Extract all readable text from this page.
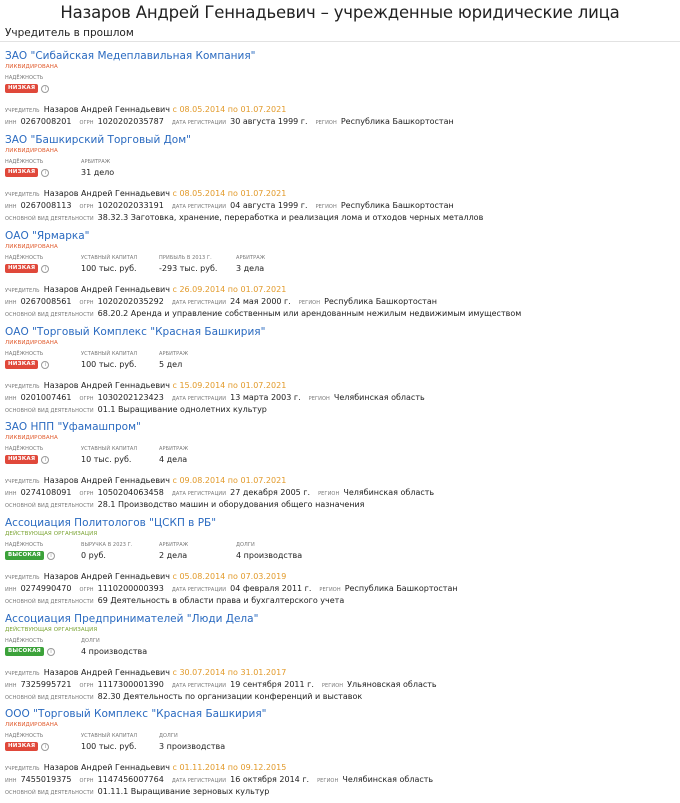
Назаров Андрей Геннадьевич – учрежденные юридические лица
Учредитель в прошлом
ЗАО "Сибайская Медеплавильная Компания"
ЛИКВИДИРОВАНА
НАДЁЖНОСТЬ
НИЗКАЯ i
УЧРЕДИТЕЛЬ Назаров Андрей Геннадьевич с 08.05.2014 по 01.07.2021
ИНН 0267008201 ОГРН 1020202035787 ДАТА РЕГИСТРАЦИИ 30 августа 1999 г. РЕГИОН Республика Башкортостан
ЗАО "Башкирский Торговый Дом"
ЛИКВИДИРОВАНА
НАДЁЖНОСТЬ
НИЗКАЯ i
АРБИТРАЖ
31 дело
УЧРЕДИТЕЛЬ Назаров Андрей Геннадьевич с 08.05.2014 по 01.07.2021
ИНН 0267008113 ОГРН 1020202033191 ДАТА РЕГИСТРАЦИИ 04 августа 1999 г. РЕГИОН Республика Башкортостан
ОСНОВНОЙ ВИД ДЕЯТЕЛЬНОСТИ 38.32.3 Заготовка, хранение, переработка и реализация лома и отходов черных металлов
ОАО "Ярмарка"
ЛИКВИДИРОВАНА
НАДЁЖНОСТЬ
НИЗКАЯ i
УСТАВНЫЙ КАПИТАЛ
100 тыс. руб.
ПРИБЫЛЬ В 2013 Г.
-293 тыс. руб.
АРБИТРАЖ
3 дела
УЧРЕДИТЕЛЬ Назаров Андрей Геннадьевич с 26.09.2014 по 01.07.2021
ИНН 0267008561 ОГРН 1020202035292 ДАТА РЕГИСТРАЦИИ 24 мая 2000 г. РЕГИОН Республика Башкортостан
ОСНОВНОЙ ВИД ДЕЯТЕЛЬНОСТИ 68.20.2 Аренда и управление собственным или арендованным нежилым недвижимым имуществом
ОАО "Торговый Комплекс "Красная Башкирия"
ЛИКВИДИРОВАНА
НАДЁЖНОСТЬ
НИЗКАЯ i
УСТАВНЫЙ КАПИТАЛ
100 тыс. руб.
АРБИТРАЖ
5 дел
УЧРЕДИТЕЛЬ Назаров Андрей Геннадьевич с 15.09.2014 по 01.07.2021
ИНН 0201007461 ОГРН 1030202123423 ДАТА РЕГИСТРАЦИИ 13 марта 2003 г. РЕГИОН Челябинская область
ОСНОВНОЙ ВИД ДЕЯТЕЛЬНОСТИ 01.1 Выращивание однолетних культур
ЗАО НПП "Уфамашпром"
ЛИКВИДИРОВАНА
НАДЁЖНОСТЬ
НИЗКАЯ i
УСТАВНЫЙ КАПИТАЛ
10 тыс. руб.
АРБИТРАЖ
4 дела
УЧРЕДИТЕЛЬ Назаров Андрей Геннадьевич с 09.08.2014 по 01.07.2021
ИНН 0274108091 ОГРН 1050204063458 ДАТА РЕГИСТРАЦИИ 27 декабря 2005 г. РЕГИОН Челябинская область
ОСНОВНОЙ ВИД ДЕЯТЕЛЬНОСТИ 28.1 Производство машин и оборудования общего назначения
Ассоциация Политологов "ЦСКП в РБ"
ДЕЙСТВУЮЩАЯ ОРГАНИЗАЦИЯ
НАДЁЖНОСТЬ
ВЫСОКАЯ i
ВЫРУЧКА В 2023 Г.
0 руб.
АРБИТРАЖ
2 дела
ДОЛГИ
4 производства
УЧРЕДИТЕЛЬ Назаров Андрей Геннадьевич с 05.08.2014 по 07.03.2019
ИНН 0274990470 ОГРН 1110200000393 ДАТА РЕГИСТРАЦИИ 04 февраля 2011 г. РЕГИОН Республика Башкортостан
ОСНОВНОЙ ВИД ДЕЯТЕЛЬНОСТИ 69 Деятельность в области права и бухгалтерского учета
Ассоциация Предпринимателей "Люди Дела"
ДЕЙСТВУЮЩАЯ ОРГАНИЗАЦИЯ
НАДЁЖНОСТЬ
ВЫСОКАЯ i
ДОЛГИ
4 производства
УЧРЕДИТЕЛЬ Назаров Андрей Геннадьевич с 30.07.2014 по 31.01.2017
ИНН 7325995721 ОГРН 1117300001390 ДАТА РЕГИСТРАЦИИ 19 сентября 2011 г. РЕГИОН Ульяновская область
ОСНОВНОЙ ВИД ДЕЯТЕЛЬНОСТИ 82.30 Деятельность по организации конференций и выставок
ООО "Торговый Комплекс "Красная Башкирия"
ЛИКВИДИРОВАНА
НАДЁЖНОСТЬ
НИЗКАЯ i
УСТАВНЫЙ КАПИТАЛ
100 тыс. руб.
ДОЛГИ
3 производства
УЧРЕДИТЕЛЬ Назаров Андрей Геннадьевич с 01.11.2014 по 09.12.2015
ИНН 7455019375 ОГРН 1147456007764 ДАТА РЕГИСТРАЦИИ 16 октября 2014 г. РЕГИОН Челябинская область
ОСНОВНОЙ ВИД ДЕЯТЕЛЬНОСТИ 01.11.1 Выращивание зерновых культур
